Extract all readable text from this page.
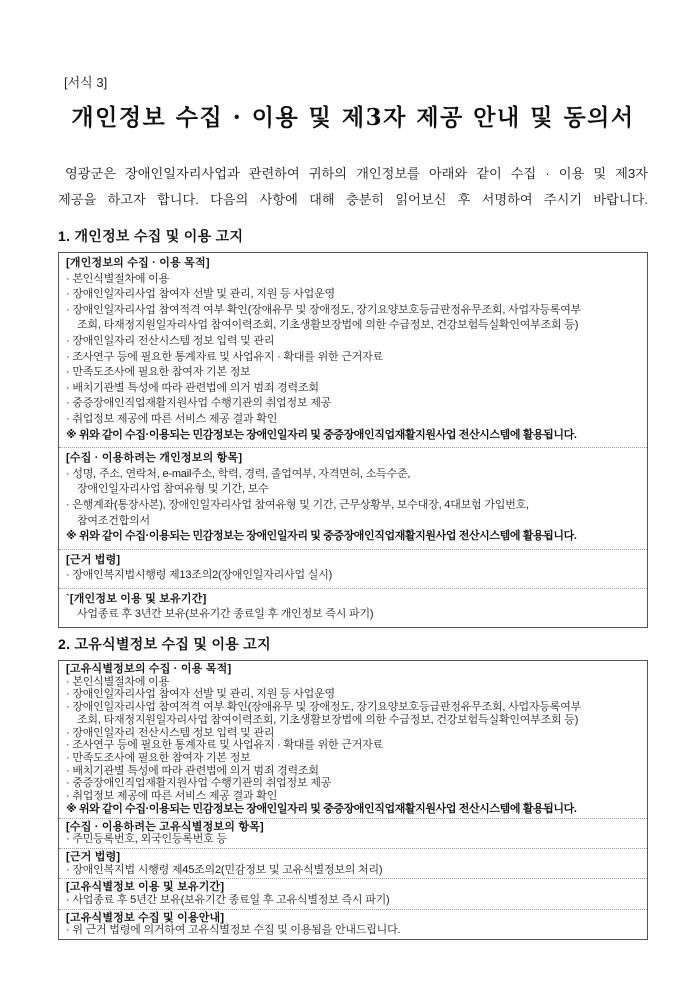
[서식 3]
개인정보 수집 · 이용 및 제3자 제공 안내 및 동의서

영광군은 장애인일자리사업과 관련하여 귀하의 개인정보를 아래와 같이 수집 · 이용 및 제3자
제공을 하고자 합니다. 다음의 사항에 대해 충분히 읽어보신 후 서명하여 주시기 바랍니다.

1. 개인정보 수집 및 이용 고지
[개인정보의 수집 · 이용 목적]
· 본인식별절차에 이용
· 장애인일자리사업 참여자 선발 및 관리, 지원 등 사업운영
· 장애인일자리사업 참여적격 여부 확인(장애유무 및 장애정도, 장기요양보호등급판정유무조회, 사업자등록여부
조회, 타재정지원일자리사업 참여이력조회, 기초생활보장법에 의한 수급정보, 건강보험득실확인여부조회 등)
· 장애인일자리 전산시스템 정보 입력 및 관리
· 조사연구 등에 필요한 통계자료 및 사업유지 · 확대를 위한 근거자료
· 만족도조사에 필요한 참여자 기본 정보
· 배치기관별 특성에 따라 관련법에 의거 범죄 경력조회
· 중증장애인직업재활지원사업 수행기관의 취업정보 제공
· 취업정보 제공에 따른 서비스 제공 결과 확인
※ 위와 같이 수집·이용되는 민감정보는 장애인일자리 및 중증장애인직업재활지원사업 전산시스템에 활용됩니다.
[수집 · 이용하려는 개인정보의 항목]
· 성명, 주소, 연락처, e-mail주소, 학력, 경력, 졸업여부, 자격면허, 소득수준,
장애인일자리사업 참여유형 및 기간, 보수
· 은행계좌(통장사본), 장애인일자리사업 참여유형 및 기간, 근무상황부, 보수대장, 4대보험 가입번호,
참여조건합의서
※ 위와 같이 수집·이용되는 민감정보는 장애인일자리 및 중증장애인직업재활지원사업 전산시스템에 활용됩니다.
[근거 법령]
· 장애인복지법시행령 제13조의2(장애인일자리사업 실시)
`[개인정보 이용 및 보유기간]
사업종료 후 3년간 보유(보유기간 종료일 후 개인정보 즉시 파기)
2. 고유식별정보 수집 및 이용 고지
[고유식별정보의 수집 · 이용 목적]
· 본인식별절차에 이용
· 장애인일자리사업 참여자 선발 및 관리, 지원 등 사업운영
· 장애인일자리사업 참여적격 여부 확인(장애유무 및 장애정도, 장기요양보호등급판정유무조회, 사업자등록여부
조회, 타재정지원일자리사업 참여이력조회, 기초생활보장법에 의한 수급정보, 건강보험득실확인여부조회 등)
· 장애인일자리 전산시스템 정보 입력 및 관리
· 조사연구 등에 필요한 통계자료 및 사업유지 · 확대를 위한 근거자료
· 만족도조사에 필요한 참여자 기본 정보
· 배치기관별 특성에 따라 관련법에 의거 범죄 경력조회
· 중증장애인직업재활지원사업 수행기관의 취업정보 제공
· 취업정보 제공에 따른 서비스 제공 결과 확인
※ 위와 같이 수집·이용되는 민감정보는 장애인일자리 및 중증장애인직업재활지원사업 전산시스템에 활용됩니다.
[수집 · 이용하려는 고유식별정보의 항목]
· 주민등록번호, 외국인등록번호 등
[근거 법령]
· 장애인복지법 시행령 제45조의2(민감정보 및 고유식별정보의 처리)
[고유식별정보 이용 및 보유기간]
· 사업종료 후 5년간 보유(보유기간 종료일 후 고유식별정보 즉시 파기)
[고유식별정보 수집 및 이용안내]
· 위 근거 법령에 의거하여 고유식별정보 수집 및 이용됨을 안내드립니다.
